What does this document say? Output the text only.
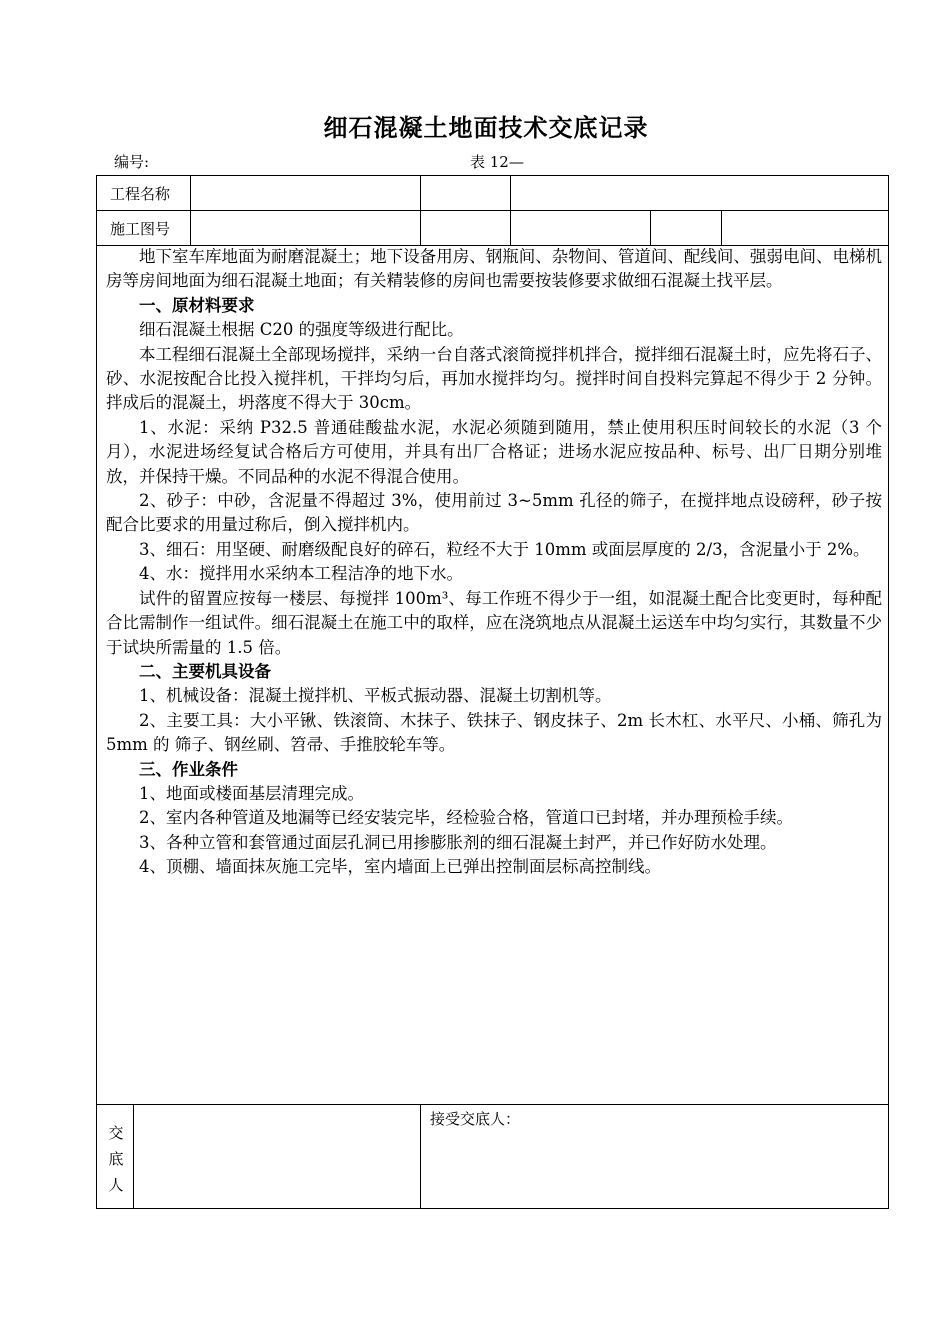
细石混凝土地面技术交底记录
编号:	表 12—
工程名称
施工图号

地下室车库地面为耐磨混凝土；地下设备用房、钢瓶间、杂物间、管道间、配线间、强弱电间、电梯机房等房间地面为细石混凝土地面；有关精装修的房间也需要按装修要求做细石混凝土找平层。

一、原材料要求

细石混凝土根据 C20 的强度等级进行配比。

本工程细石混凝土全部现场搅拌，采纳一台自落式滚筒搅拌机拌合，搅拌细石混凝土时，应先将石子、砂、水泥按配合比投入搅拌机，干拌均匀后，再加水搅拌均匀。搅拌时间自投料完算起不得少于 2 分钟。拌成后的混凝土，坍落度不得大于 30cm。

1、水泥：采纳 P32.5 普通硅酸盐水泥，水泥必须随到随用，禁止使用积压时间较长的水泥（3 个月），水泥进场经复试合格后方可使用，并具有出厂合格证；进场水泥应按品种、标号、出厂日期分别堆放，并保持干燥。不同品种的水泥不得混合使用。

2、砂子：中砂，含泥量不得超过 3%，使用前过 3~5mm 孔径的筛子，在搅拌地点设磅秤，砂子按配合比要求的用量过称后，倒入搅拌机内。

3、细石：用坚硬、耐磨级配良好的碎石，粒经不大于 10mm 或面层厚度的 2/3，含泥量小于 2%。

4、水：搅拌用水采纳本工程洁净的地下水。

试件的留置应按每一楼层、每搅拌 100m³、每工作班不得少于一组，如混凝土配合比变更时，每种配合比需制作一组试件。细石混凝土在施工中的取样，应在浇筑地点从混凝土运送车中均匀实行，其数量不少于试块所需量的 1.5 倍。

二、主要机具设备

1、机械设备：混凝土搅拌机、平板式振动器、混凝土切割机等。

2、主要工具：大小平锹、铁滚筒、木抹子、铁抹子、钢皮抹子、2m 长木杠、水平尺、小桶、筛孔为 5mm 的 筛子、钢丝刷、笤帚、手推胶轮车等。

三、作业条件

1、地面或楼面基层清理完成。

2、室内各种管道及地漏等已经安装完毕，经检验合格，管道口已封堵，并办理预检手续。

3、各种立管和套管通过面层孔洞已用掺膨胀剂的细石混凝土封严，并已作好防水处理。

4、顶棚、墙面抹灰施工完毕，室内墙面上已弹出控制面层标高控制线。

交
底
人
接受交底人：
